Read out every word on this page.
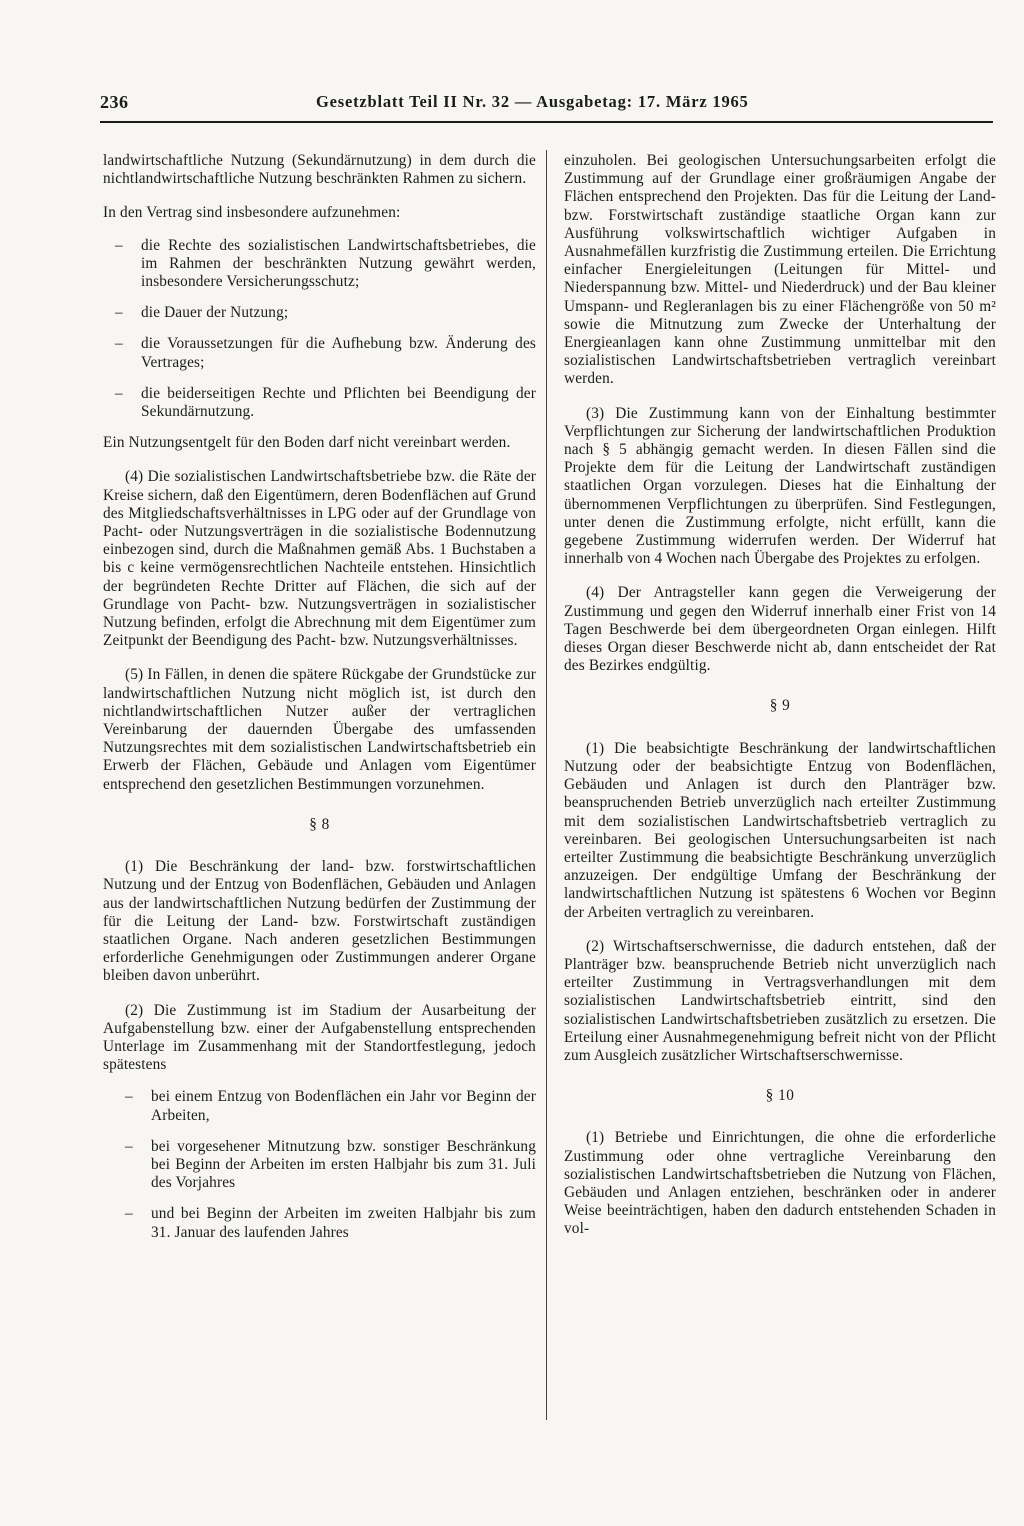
236	Gesetzblatt Teil II Nr. 32 — Ausgabetag: 17. März 1965

landwirtschaftliche Nutzung (Sekundärnutzung) in dem durch die nichtlandwirtschaftliche Nutzung beschränkten Rahmen zu sichern.

In den Vertrag sind insbesondere aufzunehmen:

– die Rechte des sozialistischen Landwirtschaftsbetriebes, die im Rahmen der beschränkten Nutzung gewährt werden, insbesondere Versicherungsschutz;
– die Dauer der Nutzung;
– die Voraussetzungen für die Aufhebung bzw. Änderung des Vertrages;
– die beiderseitigen Rechte und Pflichten bei Beendigung der Sekundärnutzung.

Ein Nutzungsentgelt für den Boden darf nicht vereinbart werden.

(4) Die sozialistischen Landwirtschaftsbetriebe bzw. die Räte der Kreise sichern, daß den Eigentümern, deren Bodenflächen auf Grund des Mitgliedschaftsverhältnisses in LPG oder auf der Grundlage von Pacht- oder Nutzungsverträgen in die sozialistische Bodennutzung einbezogen sind, durch die Maßnahmen gemäß Abs. 1 Buchstaben a bis c keine vermögensrechtlichen Nachteile entstehen. Hinsichtlich der begründeten Rechte Dritter auf Flächen, die sich auf der Grundlage von Pacht- bzw. Nutzungsverträgen in sozialistischer Nutzung befinden, erfolgt die Abrechnung mit dem Eigentümer zum Zeitpunkt der Beendigung des Pacht- bzw. Nutzungsverhältnisses.

(5) In Fällen, in denen die spätere Rückgabe der Grundstücke zur landwirtschaftlichen Nutzung nicht möglich ist, ist durch den nichtlandwirtschaftlichen Nutzer außer der vertraglichen Vereinbarung der dauernden Übergabe des umfassenden Nutzungsrechtes mit dem sozialistischen Landwirtschaftsbetrieb ein Erwerb der Flächen, Gebäude und Anlagen vom Eigentümer entsprechend den gesetzlichen Bestimmungen vorzunehmen.

§ 8

(1) Die Beschränkung der land- bzw. forstwirtschaftlichen Nutzung und der Entzug von Bodenflächen, Gebäuden und Anlagen aus der landwirtschaftlichen Nutzung bedürfen der Zustimmung der für die Leitung der Land- bzw. Forstwirtschaft zuständigen staatlichen Organe. Nach anderen gesetzlichen Bestimmungen erforderliche Genehmigungen oder Zustimmungen anderer Organe bleiben davon unberührt.

(2) Die Zustimmung ist im Stadium der Ausarbeitung der Aufgabenstellung bzw. einer der Aufgabenstellung entsprechenden Unterlage im Zusammenhang mit der Standortfestlegung, jedoch spätestens

– bei einem Entzug von Bodenflächen ein Jahr vor Beginn der Arbeiten,
– bei vorgesehener Mitnutzung bzw. sonstiger Beschränkung bei Beginn der Arbeiten im ersten Halbjahr bis zum 31. Juli des Vorjahres
– und bei Beginn der Arbeiten im zweiten Halbjahr bis zum 31. Januar des laufenden Jahres

einzuholen. Bei geologischen Untersuchungsarbeiten erfolgt die Zustimmung auf der Grundlage einer großräumigen Angabe der Flächen entsprechend den Projekten. Das für die Leitung der Land- bzw. Forstwirtschaft zuständige staatliche Organ kann zur Ausführung volkswirtschaftlich wichtiger Aufgaben in Ausnahmefällen kurzfristig die Zustimmung erteilen. Die Errichtung einfacher Energieleitungen (Leitungen für Mittel- und Niederspannung bzw. Mittel- und Niederdruck) und der Bau kleiner Umspann- und Regleranlagen bis zu einer Flächengröße von 50 m² sowie die Mitnutzung zum Zwecke der Unterhaltung der Energieanlagen kann ohne Zustimmung unmittelbar mit den sozialistischen Landwirtschaftsbetrieben vertraglich vereinbart werden.

(3) Die Zustimmung kann von der Einhaltung bestimmter Verpflichtungen zur Sicherung der landwirtschaftlichen Produktion nach § 5 abhängig gemacht werden. In diesen Fällen sind die Projekte dem für die Leitung der Landwirtschaft zuständigen staatlichen Organ vorzulegen. Dieses hat die Einhaltung der übernommenen Verpflichtungen zu überprüfen. Sind Festlegungen, unter denen die Zustimmung erfolgte, nicht erfüllt, kann die gegebene Zustimmung widerrufen werden. Der Widerruf hat innerhalb von 4 Wochen nach Übergabe des Projektes zu erfolgen.

(4) Der Antragsteller kann gegen die Verweigerung der Zustimmung und gegen den Widerruf innerhalb einer Frist von 14 Tagen Beschwerde bei dem übergeordneten Organ einlegen. Hilft dieses Organ dieser Beschwerde nicht ab, dann entscheidet der Rat des Bezirkes endgültig.

§ 9

(1) Die beabsichtigte Beschränkung der landwirtschaftlichen Nutzung oder der beabsichtigte Entzug von Bodenflächen, Gebäuden und Anlagen ist durch den Planträger bzw. beanspruchenden Betrieb unverzüglich nach erteilter Zustimmung mit dem sozialistischen Landwirtschaftsbetrieb vertraglich zu vereinbaren. Bei geologischen Untersuchungsarbeiten ist nach erteilter Zustimmung die beabsichtigte Beschränkung unverzüglich anzuzeigen. Der endgültige Umfang der Beschränkung der landwirtschaftlichen Nutzung ist spätestens 6 Wochen vor Beginn der Arbeiten vertraglich zu vereinbaren.

(2) Wirtschaftserschwernisse, die dadurch entstehen, daß der Planträger bzw. beanspruchende Betrieb nicht unverzüglich nach erteilter Zustimmung in Vertragsverhandlungen mit dem sozialistischen Landwirtschaftsbetrieb eintritt, sind den sozialistischen Landwirtschaftsbetrieben zusätzlich zu ersetzen. Die Erteilung einer Ausnahmegenehmigung befreit nicht von der Pflicht zum Ausgleich zusätzlicher Wirtschaftserschwernisse.

§ 10

(1) Betriebe und Einrichtungen, die ohne die erforderliche Zustimmung oder ohne vertragliche Vereinbarung den sozialistischen Landwirtschaftsbetrieben die Nutzung von Flächen, Gebäuden und Anlagen entziehen, beschränken oder in anderer Weise beeinträchtigen, haben den dadurch entstehenden Schaden in vol-
